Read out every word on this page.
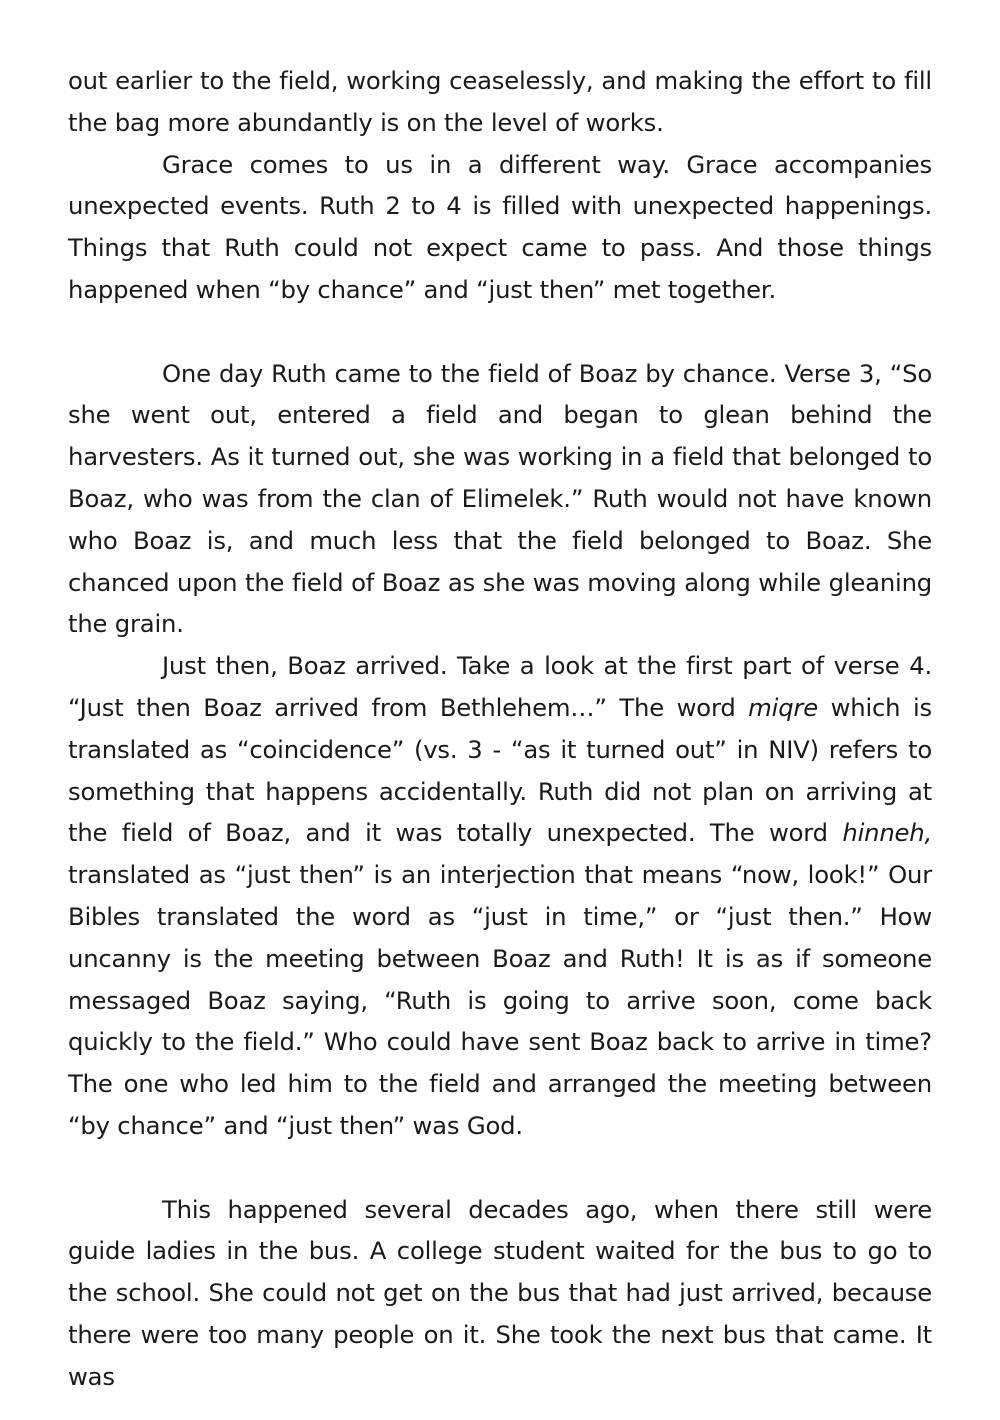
out earlier to the field, working ceaselessly, and making the effort to fill the bag more abundantly is on the level of works.

Grace comes to us in a different way. Grace accompanies unexpected events. Ruth 2 to 4 is filled with unexpected happenings. Things that Ruth could not expect came to pass. And those things happened when “by chance” and “just then” met together.

One day Ruth came to the field of Boaz by chance. Verse 3, “So she went out, entered a field and began to glean behind the harvesters. As it turned out, she was working in a field that belonged to Boaz, who was from the clan of Elimelek.” Ruth would not have known who Boaz is, and much less that the field belonged to Boaz. She chanced upon the field of Boaz as she was moving along while gleaning the grain.

Just then, Boaz arrived. Take a look at the first part of verse 4. “Just then Boaz arrived from Bethlehem…” The word miqre which is translated as “coincidence” (vs. 3 - “as it turned out” in NIV) refers to something that happens accidentally. Ruth did not plan on arriving at the field of Boaz, and it was totally unexpected. The word hinneh, translated as “just then” is an interjection that means “now, look!” Our Bibles translated the word as “just in time,” or “just then.” How uncanny is the meeting between Boaz and Ruth! It is as if someone messaged Boaz saying, “Ruth is going to arrive soon, come back quickly to the field.” Who could have sent Boaz back to arrive in time? The one who led him to the field and arranged the meeting between “by chance” and “just then” was God.

This happened several decades ago, when there still were guide ladies in the bus. A college student waited for the bus to go to the school. She could not get on the bus that had just arrived, because there were too many people on it. She took the next bus that came. It was
